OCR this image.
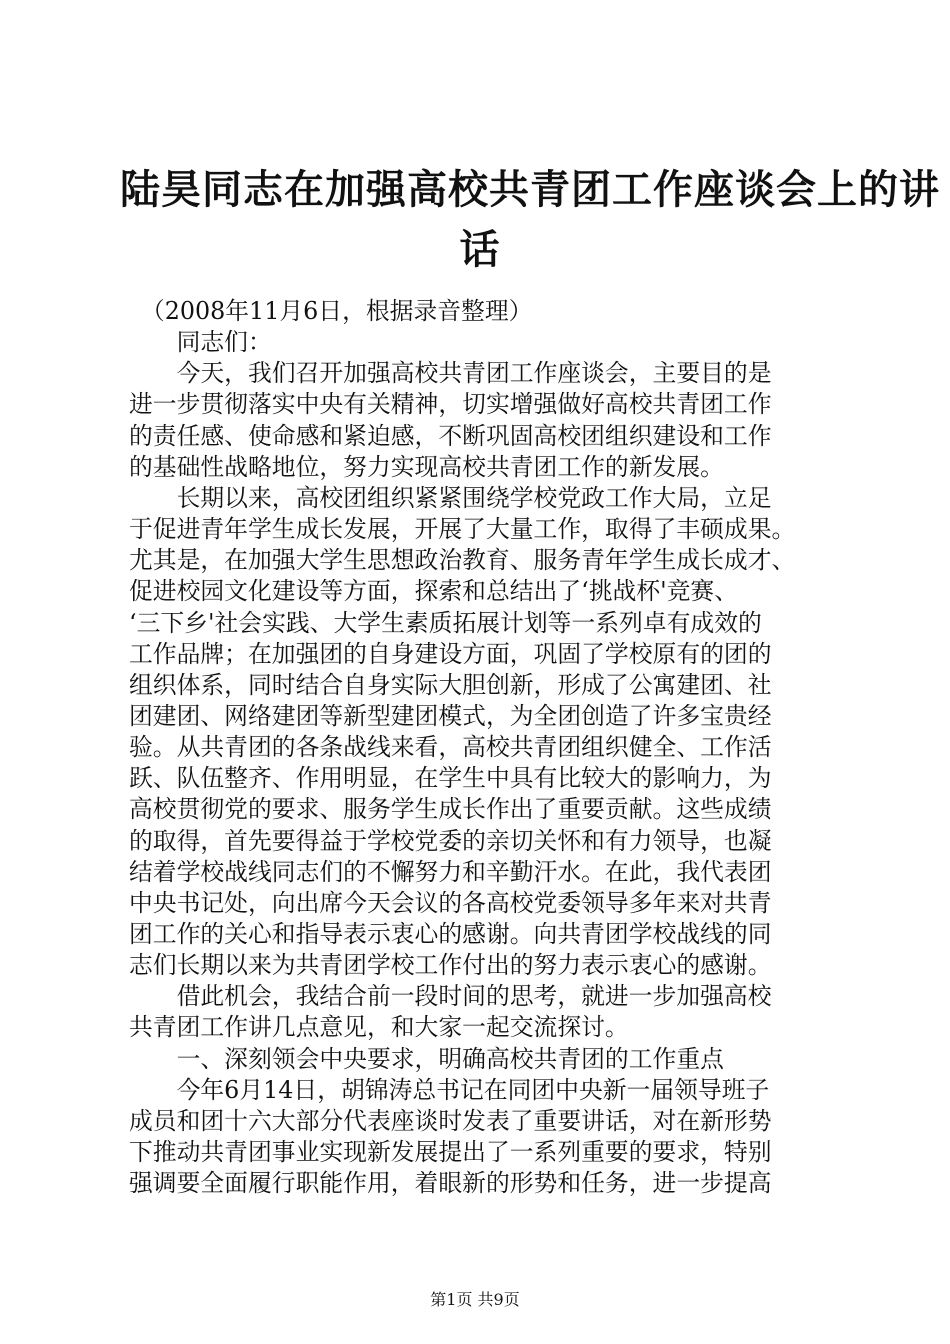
陆昊同志在加强高校共青团工作座谈会上的讲
话

　（2008年11月6日，根据录音整理）

　　同志们：

　　今天，我们召开加强高校共青团工作座谈会，主要目的是

进一步贯彻落实中央有关精神，切实增强做好高校共青团工作

的责任感、使命感和紧迫感，不断巩固高校团组织建设和工作

的基础性战略地位，努力实现高校共青团工作的新发展。

　　长期以来，高校团组织紧紧围绕学校党政工作大局，立足

于促进青年学生成长发展，开展了大量工作，取得了丰硕成果。

尤其是，在加强大学生思想政治教育、服务青年学生成长成才、

促进校园文化建设等方面，探索和总结出了‘挑战杯'竞赛、

‘三下乡'社会实践、大学生素质拓展计划等一系列卓有成效的

工作品牌；在加强团的自身建设方面，巩固了学校原有的团的

组织体系，同时结合自身实际大胆创新，形成了公寓建团、社

团建团、网络建团等新型建团模式，为全团创造了许多宝贵经

验。从共青团的各条战线来看，高校共青团组织健全、工作活

跃、队伍整齐、作用明显，在学生中具有比较大的影响力，为

高校贯彻党的要求、服务学生成长作出了重要贡献。这些成绩

的取得，首先要得益于学校党委的亲切关怀和有力领导，也凝

结着学校战线同志们的不懈努力和辛勤汗水。在此，我代表团

中央书记处，向出席今天会议的各高校党委领导多年来对共青

团工作的关心和指导表示衷心的感谢。向共青团学校战线的同

志们长期以来为共青团学校工作付出的努力表示衷心的感谢。

　　借此机会，我结合前一段时间的思考，就进一步加强高校

共青团工作讲几点意见，和大家一起交流探讨。

　　一、深刻领会中央要求，明确高校共青团的工作重点

　　今年6月14日，胡锦涛总书记在同团中央新一届领导班子

成员和团十六大部分代表座谈时发表了重要讲话，对在新形势

下推动共青团事业实现新发展提出了一系列重要的要求，特别

强调要全面履行职能作用，着眼新的形势和任务，进一步提高

第1页 共9页
